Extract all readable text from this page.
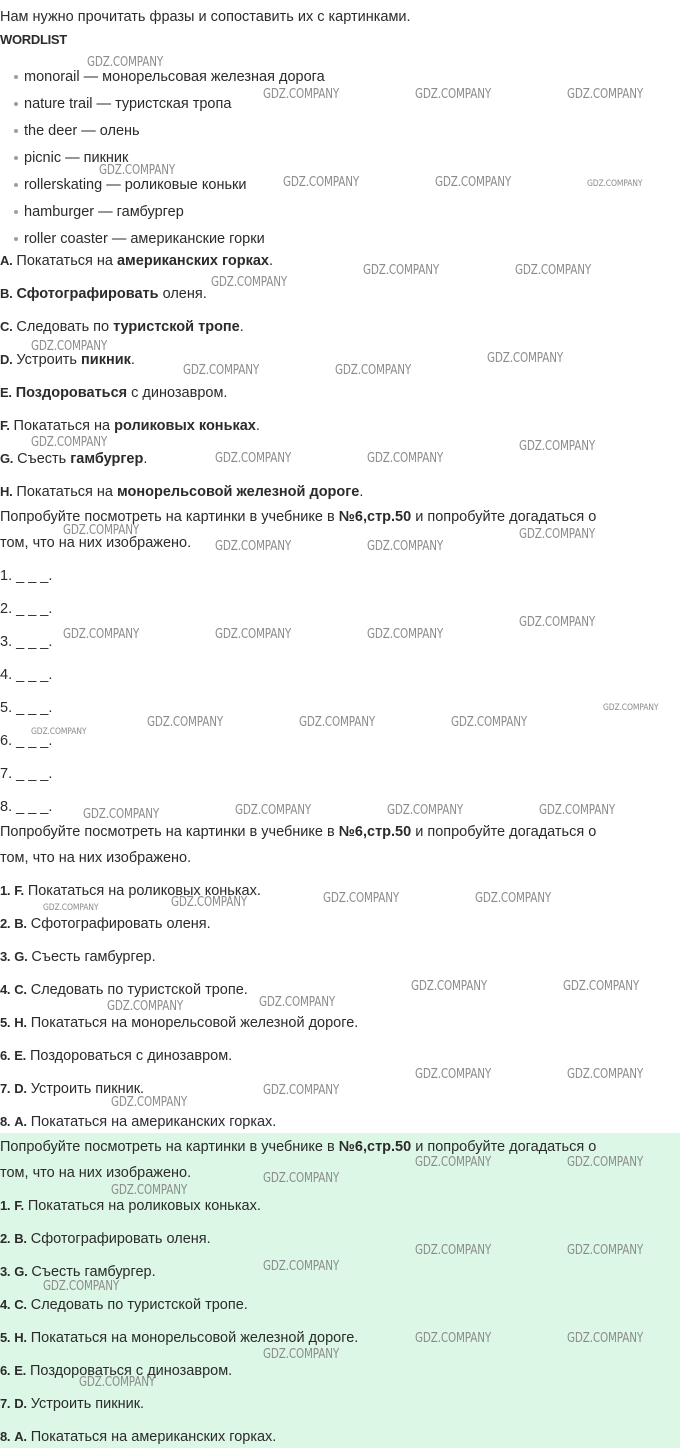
Нам нужно прочитать фразы и сопоставить их с картинками.
WORDLIST
monorail — монорельсовая железная дорога
nature trail — туристская тропа
the deer — олень
picnic — пикник
rollerskating — роликовые коньки
hamburger — гамбургер
roller coaster — американские горки
A. Покататься на американских горках.
B. Сфотографировать оленя.
C. Следовать по туристской тропе.
D. Устроить пикник.
E. Поздороваться с динозавром.
F. Покататься на роликовых коньках.
G. Съесть гамбургер.
H. Покататься на монорельсовой железной дороге.
Попробуйте посмотреть на картинки в учебнике в №6,стр.50 и попробуйте догадаться о
том, что на них изображено.
1. _ _ _.
2. _ _ _.
3. _ _ _.
4. _ _ _.
5. _ _ _.
6. _ _ _.
7. _ _ _.
8. _ _ _.
Попробуйте посмотреть на картинки в учебнике в №6,стр.50 и попробуйте догадаться о
том, что на них изображено.
1. F. Покататься на роликовых коньках.
2. B. Сфотографировать оленя.
3. G. Съесть гамбургер.
4. C. Следовать по туристской тропе.
5. H. Покататься на монорельсовой железной дороге.
6. E. Поздороваться с динозавром.
7. D. Устроить пикник.
8. A. Покататься на американских горках.
Попробуйте посмотреть на картинки в учебнике в №6,стр.50 и попробуйте догадаться о
том, что на них изображено.
1. F. Покататься на роликовых коньках.
2. B. Сфотографировать оленя.
3. G. Съесть гамбургер.
4. C. Следовать по туристской тропе.
5. H. Покататься на монорельсовой железной дороге.
6. E. Поздороваться с динозавром.
7. D. Устроить пикник.
8. A. Покататься на американских горках.
GDZ.COMPANY
GDZ.COMPANY	GDZ.COMPANY	GDZ.COMPANY
GDZ.COMPANY
GDZ.COMPANY	GDZ.COMPANY	GDZ.COMPANY
GDZ.COMPANY
GDZ.COMPANY	GDZ.COMPANY
GDZ.COMPANY
GDZ.COMPANY	GDZ.COMPANY
GDZ.COMPANY
GDZ.COMPANY
GDZ.COMPANY	GDZ.COMPANY
GDZ.COMPANY
GDZ.COMPANY
GDZ.COMPANY	GDZ.COMPANY
GDZ.COMPANY
GDZ.COMPANY	GDZ.COMPANY	GDZ.COMPANY
GDZ.COMPANY
GDZ.COMPANY
GDZ.COMPANY	GDZ.COMPANY	GDZ.COMPANY
GDZ.COMPANY
GDZ.COMPANY	GDZ.COMPANY	GDZ.COMPANY	GDZ.COMPANY
GDZ.COMPANY	GDZ.COMPANY	GDZ.COMPANY	GDZ.COMPANY
GDZ.COMPANY	GDZ.COMPANY
GDZ.COMPANY	GDZ.COMPANY
GDZ.COMPANY	GDZ.COMPANY
GDZ.COMPANY
GDZ.COMPANY
GDZ.COMPANY	GDZ.COMPANY
GDZ.COMPANY
GDZ.COMPANY
GDZ.COMPANY	GDZ.COMPANY
GDZ.COMPANY
GDZ.COMPANY
GDZ.COMPANY	GDZ.COMPANY
GDZ.COMPANY
GDZ.COMPANY
